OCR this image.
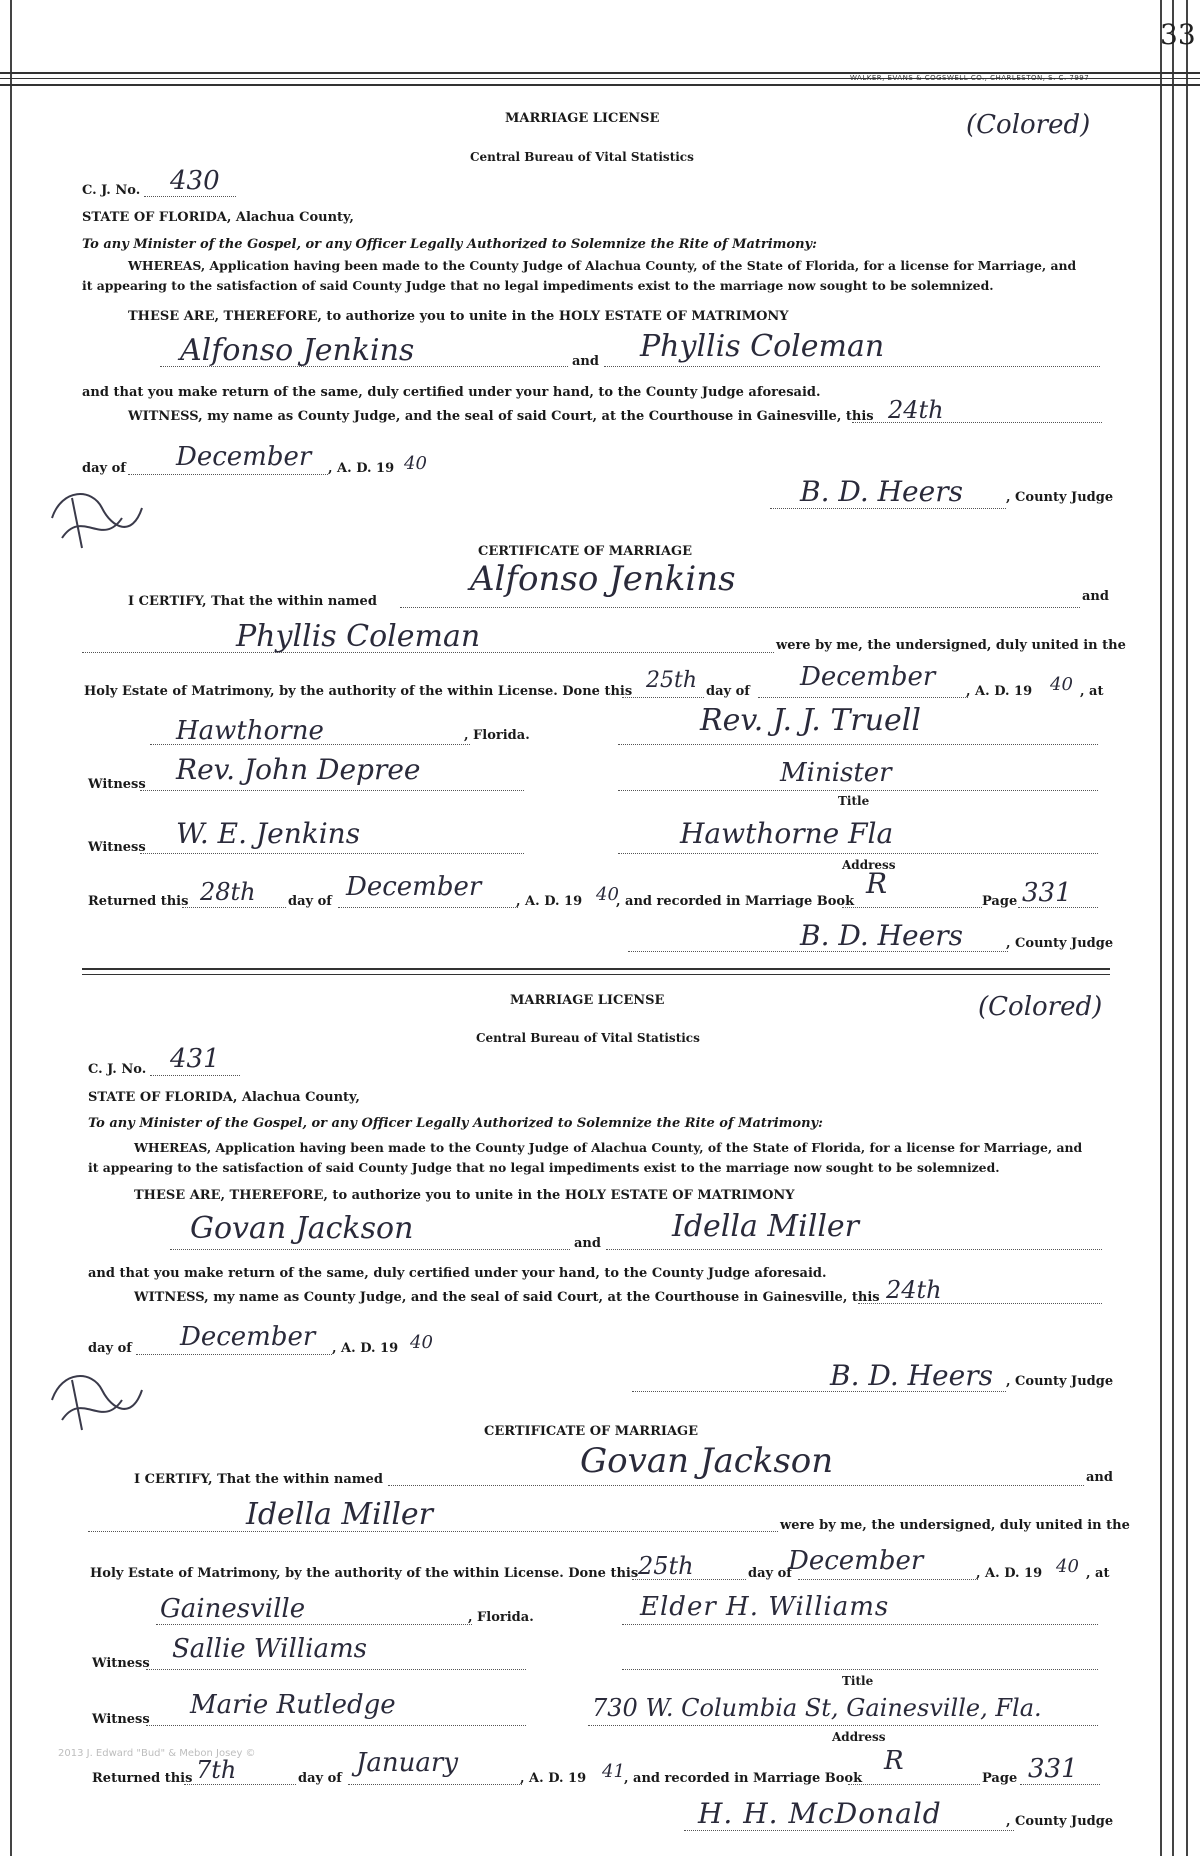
33
WALKER, EVANS & COGSWELL CO., CHARLESTON, S. C. 7997
MARRIAGE LICENSE	(Colored)
Central Bureau of Vital Statistics
C. J. No. 430
STATE OF FLORIDA, Alachua County,
To any Minister of the Gospel, or any Officer Legally Authorized to Solemnize the Rite of Matrimony:
WHEREAS, Application having been made to the County Judge of Alachua County, of the State of Florida, for a license for Marriage, and
it appearing to the satisfaction of said County Judge that no legal impediments exist to the marriage now sought to be solemnized.
THESE ARE, THEREFORE, to authorize you to unite in the HOLY ESTATE OF MATRIMONY
Alfonso Jenkins	and Phyllis Coleman
and that you make return of the same, duly certified under your hand, to the County Judge aforesaid.
WITNESS, my name as County Judge, and the seal of said Court, at the Courthouse in Gainesville, this 24th
day of December , A. D. 19 40
B. D. Heers	, County Judge
CERTIFICATE OF MARRIAGE
I CERTIFY, That the within named
Alfonso Jenkins	and
Phyllis Coleman	were by me, the undersigned, duly united in the
Holy Estate of Matrimony, by the authority of the within License. Done this 25th day of December , A. D. 19 40 , at
Hawthorne	, Florida.	Rev. J. J. Truell
Witness Rev. John Depree	Minister
Title
Witness W. E. Jenkins	Hawthorne Fla
Address
Returned this 28th day of December	, A. D. 19 40
, and recorded in Marriage Book
R
Page 331
B. D. Heers	, County Judge
MARRIAGE LICENSE	(Colored)
Central Bureau of Vital Statistics
C. J. No. 431
STATE OF FLORIDA, Alachua County,
To any Minister of the Gospel, or any Officer Legally Authorized to Solemnize the Rite of Matrimony:
WHEREAS, Application having been made to the County Judge of Alachua County, of the State of Florida, for a license for Marriage, and
it appearing to the satisfaction of said County Judge that no legal impediments exist to the marriage now sought to be solemnized.
THESE ARE, THEREFORE, to authorize you to unite in the HOLY ESTATE OF MATRIMONY
Govan Jackson	and Idella Miller
and that you make return of the same, duly certified under your hand, to the County Judge aforesaid.
WITNESS, my name as County Judge, and the seal of said Court, at the Courthouse in Gainesville, this 24th
day of December , A. D. 19 40
B. D. Heers , County Judge
CERTIFICATE OF MARRIAGE
I CERTIFY, That the within named	Govan Jackson	and
Idella Miller	were by me, the undersigned, duly united in the
Holy Estate of Matrimony, by the authority of the within License. Done this 25th	day of
December	, A. D. 19 40 , at
Gainesville	, Florida.	Elder H. Williams
Witness Sallie Williams
Title
Witness Marie Rutledge	730 W. Columbia St, Gainesville, Fla.
Address
2013 J. Edward "Bud" & Mebon Josey ©
Returned this 7th	day of
January
, A. D. 19 41 , and recorded in Marriage Book
R
Page 331
H. H. McDonald	, County Judge
